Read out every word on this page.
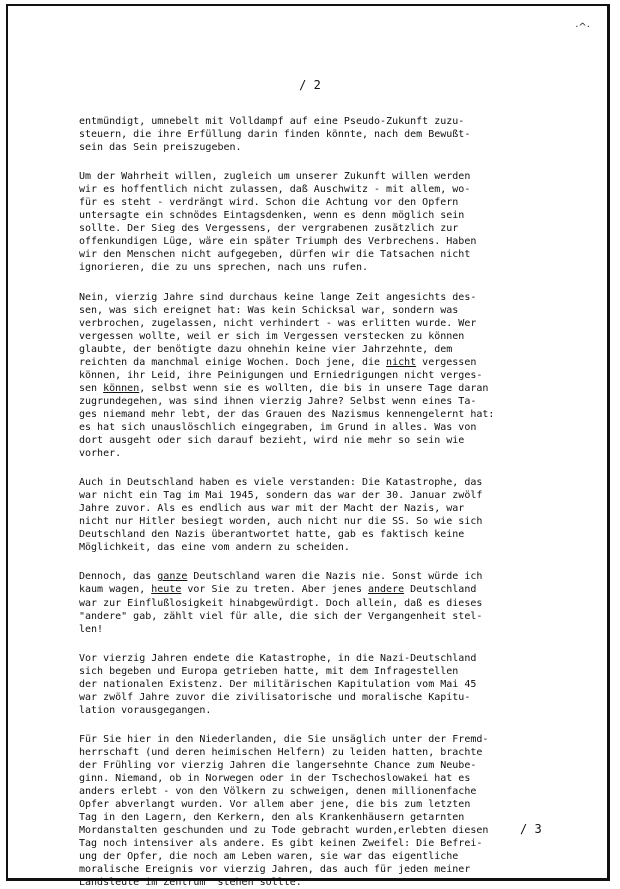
·^·
/ 2
entmündigt, umnebelt mit Volldampf auf eine Pseudo-Zukunft zuzu-
steuern, die ihre Erfüllung darin finden könnte, nach dem Bewußt-
sein das Sein preiszugeben.
Um der Wahrheit willen, zugleich um unserer Zukunft willen werden
wir es hoffentlich nicht zulassen, daß Auschwitz - mit allem, wo-
für es steht - verdrängt wird. Schon die Achtung vor den Opfern
untersagte ein schnödes Eintagsdenken, wenn es denn möglich sein
sollte. Der Sieg des Vergessens, der vergrabenen zusätzlich zur
offenkundigen Lüge, wäre ein später Triumph des Verbrechens. Haben
wir den Menschen nicht aufgegeben, dürfen wir die Tatsachen nicht
ignorieren, die zu uns sprechen, nach uns rufen.
Nein, vierzig Jahre sind durchaus keine lange Zeit angesichts des-
sen, was sich ereignet hat: Was kein Schicksal war, sondern was
verbrochen, zugelassen, nicht verhindert - was erlitten wurde. Wer
vergessen wollte, weil er sich im Vergessen verstecken zu können
glaubte, der benötigte dazu ohnehin keine vier Jahrzehnte, dem
reichten da manchmal einige Wochen. Doch jene, die nicht vergessen
können, ihr Leid, ihre Peinigungen und Erniedrigungen nicht verges-
sen können, selbst wenn sie es wollten, die bis in unsere Tage daran
zugrundegehen, was sind ihnen vierzig Jahre? Selbst wenn eines Ta-
ges niemand mehr lebt, der das Grauen des Nazismus kennengelernt hat:
es hat sich unauslöschlich eingegraben, im Grund in alles. Was von
dort ausgeht oder sich darauf bezieht, wird nie mehr so sein wie
vorher.
Auch in Deutschland haben es viele verstanden: Die Katastrophe, das
war nicht ein Tag im Mai 1945, sondern das war der 30. Januar zwölf
Jahre zuvor. Als es endlich aus war mit der Macht der Nazis, war
nicht nur Hitler besiegt worden, auch nicht nur die SS. So wie sich
Deutschland den Nazis überantwortet hatte, gab es faktisch keine
Möglichkeit, das eine vom andern zu scheiden.
Dennoch, das ganze Deutschland waren die Nazis nie. Sonst würde ich
kaum wagen, heute vor Sie zu treten. Aber jenes andere Deutschland
war zur Einflußlosigkeit hinabgewürdigt. Doch allein, daß es dieses
"andere" gab, zählt viel für alle, die sich der Vergangenheit stel-
len!
Vor vierzig Jahren endete die Katastrophe, in die Nazi-Deutschland
sich begeben und Europa getrieben hatte, mit dem Infragestellen
der nationalen Existenz. Der militärischen Kapitulation vom Mai 45
war zwölf Jahre zuvor die zivilisatorische und moralische Kapitu-
lation vorausgegangen.
Für Sie hier in den Niederlanden, die Sie unsäglich unter der Fremd-
herrschaft (und deren heimischen Helfern) zu leiden hatten, brachte
der Frühling vor vierzig Jahren die langersehnte Chance zum Neube-
ginn. Niemand, ob in Norwegen oder in der Tschechoslowakei hat es
anders erlebt - von den Völkern zu schweigen, denen millionenfache
Opfer abverlangt wurden. Vor allem aber jene, die bis zum letzten
Tag in den Lagern, den Kerkern, den als Krankenhäusern getarnten
Mordanstalten geschunden und zu Tode gebracht wurden,erlebten diesen
Tag noch intensiver als andere. Es gibt keinen Zweifel: Die Befrei-
ung der Opfer, die noch am Leben waren, sie war das eigentliche
moralische Ereignis vor vierzig Jahren, das auch für jeden meiner
Landsleute im Zentrum  stehen sollte.
/ 3
